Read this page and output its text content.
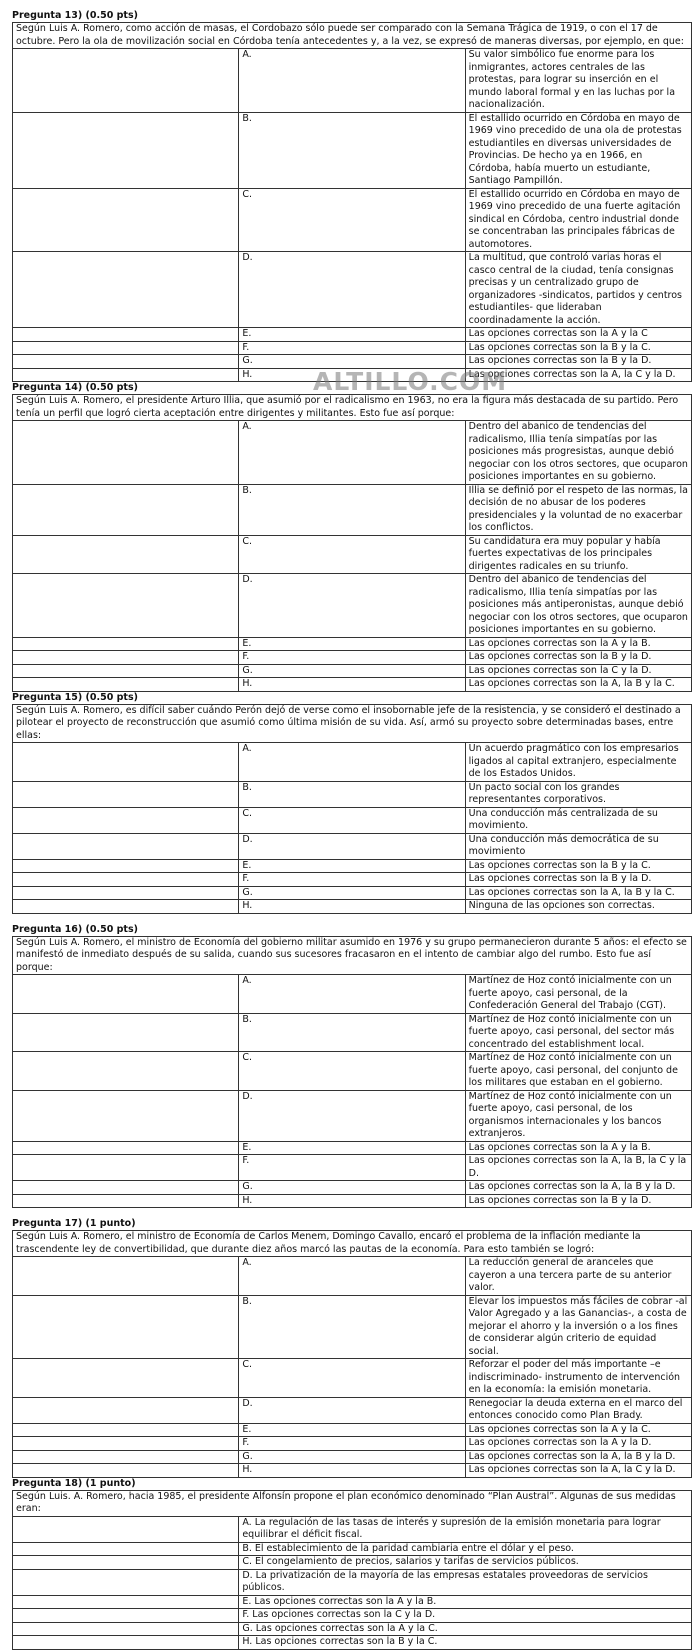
Pregunta 13) (0.50 pts)
Según Luis A. Romero, como acción de masas, el Cordobazo sólo puede ser comparado con la Semana Trágica de 1919, o con el 17 de octubre. Pero la ola de movilización social en Córdoba tenía antecedentes y, a la vez, se expresó de maneras diversas, por ejemplo, en que:		
	A.	Su valor simbólico fue enorme para los inmigrantes, actores centrales de las protestas, para lograr su inserción en el mundo laboral formal y en las luchas por la nacionalización.
	B.	El estallido ocurrido en Córdoba en mayo de 1969 vino precedido de una ola de protestas estudiantiles en diversas universidades de Provincias. De hecho ya en 1966, en Córdoba, había muerto un estudiante, Santiago Pampillón.
	C.	El estallido ocurrido en Córdoba en mayo de 1969 vino precedido de una fuerte agitación sindical en Córdoba, centro industrial donde se concentraban las principales fábricas de automotores.
	D.	La multitud, que controló varias horas el casco central de la ciudad, tenía consignas precisas y un centralizado grupo de organizadores -sindicatos, partidos y centros estudiantiles- que lideraban coordinadamente la acción.
	E.	Las opciones correctas son la A y la C
	F.	Las opciones correctas son la B y la C.
	G.	Las opciones correctas son la B y la D.
	H.	Las opciones correctas son la A, la C y la D.
Pregunta 14) (0.50 pts)
Según Luis A. Romero, el presidente Arturo Illia, que asumió por el radicalismo en 1963, no era la figura más destacada de su partido. Pero tenía un perfil que logró cierta aceptación entre dirigentes y militantes. Esto fue así porque:		
	A.	Dentro del abanico de tendencias del radicalismo, Illia tenía simpatías por las posiciones más progresistas, aunque debió negociar con los otros sectores, que ocuparon posiciones importantes en su gobierno.
	B.	Illia se definió por el respeto de las normas, la decisión de no abusar de los poderes presidenciales y la voluntad de no exacerbar los conflictos.
	C.	Su candidatura era muy popular y había fuertes expectativas de los principales dirigentes radicales en su triunfo.
	D.	Dentro del abanico de tendencias del radicalismo, Illia tenía simpatías por las posiciones más antiperonistas, aunque debió negociar con los otros sectores, que ocuparon posiciones importantes en su gobierno.
	E.	Las opciones correctas son la A y la B.
	F.	Las opciones correctas son la B y la D.
	G.	Las opciones correctas son la C y la D.
	H.	Las opciones correctas son la A, la B y la C.
Pregunta 15) (0.50 pts)
Según Luis A. Romero, es difícil saber cuándo Perón dejó de verse como el insobornable jefe de la resistencia, y se consideró el destinado a pilotear el proyecto de reconstrucción que asumió como última misión de su vida. Así, armó su proyecto sobre determinadas bases, entre ellas:		
	A.	Un acuerdo pragmático con los empresarios ligados al capital extranjero, especialmente de los Estados Unidos.
	B.	Un pacto social con los grandes representantes corporativos.
	C.	Una conducción más centralizada de su movimiento.
	D.	Una conducción más democrática de su movimiento
	E.	Las opciones correctas son la B y la C.
	F.	Las opciones correctas son la B y la D.
	G.	Las opciones correctas son la A, la B y la C.
	H.	Ninguna de las opciones son correctas.
Pregunta 16) (0.50 pts)
Según Luis A. Romero, el ministro de Economía del gobierno militar asumido en 1976 y su grupo permanecieron durante 5 años: el efecto se manifestó de inmediato después de su salida, cuando sus sucesores fracasaron en el intento de cambiar algo del rumbo. Esto fue así porque:		
	A.	Martínez de Hoz contó inicialmente con un fuerte apoyo, casi personal, de la Confederación General del Trabajo (CGT).
	B.	Martínez de Hoz contó inicialmente con un fuerte apoyo, casi personal, del sector más concentrado del establishment local.
	C.	Martínez de Hoz contó inicialmente con un fuerte apoyo, casi personal, del conjunto de los militares que estaban en el gobierno.
	D.	Martínez de Hoz contó inicialmente con un fuerte apoyo, casi personal, de los organismos internacionales y los bancos extranjeros.
	E.	Las opciones correctas son la A y la B.
	F.	Las opciones correctas son la A, la B, la C y la D.
	G.	Las opciones correctas son la A, la B y la D.
	H.	Las opciones correctas son la B y la D.
Pregunta 17) (1 punto)
Según Luis A. Romero, el ministro de Economía de Carlos Menem, Domingo Cavallo, encaró el problema de la inflación mediante la trascendente ley de convertibilidad, que durante diez años marcó las pautas de la economía. Para esto también se logró:		
	A.	La reducción general de aranceles que cayeron a una tercera parte de su anterior valor.
	B.	Elevar los impuestos más fáciles de cobrar -al Valor Agregado y a las Ganancias-, a costa de mejorar el ahorro y la inversión o a los fines de considerar algún criterio de equidad social.
	C.	Reforzar el poder del más importante –e indiscriminado- instrumento de intervención en la economía: la emisión monetaria.
	D.	Renegociar la deuda externa en el marco del entonces conocido como Plan Brady.
	E.	Las opciones correctas son la A y la C.
	F.	Las opciones correctas son la A y la D.
	G.	Las opciones correctas son la A, la B y la D.
	H.	Las opciones correctas son la A, la C y la D.
Pregunta 18) (1 punto)
Según Luis. A. Romero, hacia 1985, el presidente Alfonsín propone el plan económico denominado “Plan Austral”. Algunas de sus medidas eran:	
	A. La regulación de las tasas de interés y supresión de la emisión monetaria para lograr equilibrar el déficit fiscal.
	B. El establecimiento de la paridad cambiaria entre el dólar y el peso.
	C. El congelamiento de precios, salarios y tarifas de servicios públicos.
	D. La privatización de la mayoría de las empresas estatales proveedoras de servicios públicos.
	E. Las opciones correctas son la A y la B.
	F. Las opciones correctas son la C y la D.
	G. Las opciones correctas son la A y la C.
	H. Las opciones correctas son la B y la C.
ALTILLO.COM
